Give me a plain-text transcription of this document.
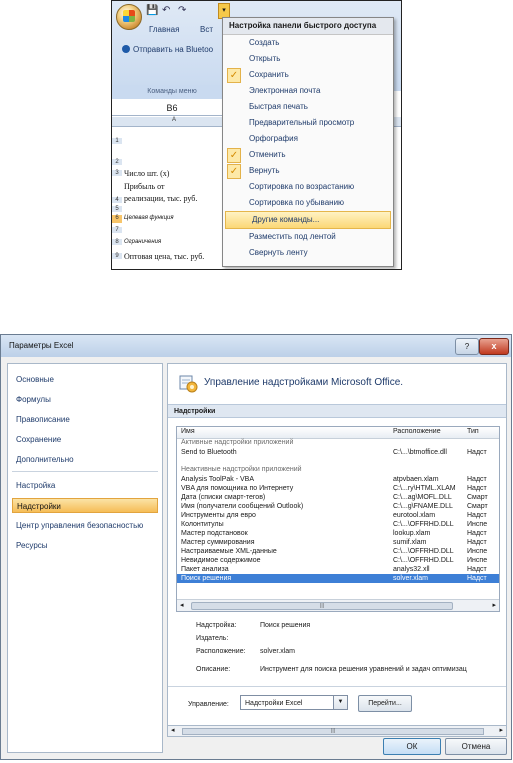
💾 ↶ ↷	▾
Главная	Вст
Отправить на Bluetoo
Команды меню
B6
A
1
2
3 Число шт. (x)
Прибыль от
4 реализации, тыс. руб.
5
6 Целевая функция
7
8 Ограничения
9 Оптовая цена, тыс. руб.
Настройка панели быстрого доступа
Создать
Открыть
✓	Сохранить
Электронная почта
Быстрая печать
Предварительный просмотр
Орфография
✓	Отменить
✓	Вернуть
Сортировка по возрастанию
Сортировка по убыванию
Другие команды...
Разместить под лентой
Свернуть ленту
Параметры Excel	?	x
Основные
Формулы
Правописание
Сохранение
Дополнительно
Настройка
Надстройки
Центр управления безопасностью
Ресурсы
Управление надстройками Microsoft Office.
Надстройки
Имя	Расположение	Тип
Активные надстройки приложений
Send to Bluetooth	C:\...\btmoffice.dll	Надст
Неактивные надстройки приложений
Analysis ToolPak - VBA	atpvbaen.xlam	Надст
VBA для помощника по Интернету	C:\...ry\HTML.XLAM	Надст
Дата (списки смарт-тегов)	C:\...ag\MOFL.DLL	Смарт
Имя (получатели сообщений Outlook)	C:\...g\FNAME.DLL	Смарт
Инструменты для евро	eurotool.xlam	Надст
Колонтитулы	C:\...\OFFRHD.DLL	Инспе
Мастер подстановок	lookup.xlam	Надст
Мастер суммирования	sumif.xlam	Надст
Настраиваемые XML-данные	C:\...\OFFRHD.DLL	Инспе
Невидимое содержимое	C:\...\OFFRHD.DLL	Инспе
Пакет анализа	analys32.xll	Надст
Поиск решения	solver.xlam	Надст
◂	|||	▸
Надстройка:	Поиск решения
Издатель:
Расположение: solver.xlam
Описание:	Инструмент для поиска решения уравнений и задач оптимизац
Управление:	Надстройки Excel	▼	Перейти...
◂	|||	▸
ОК	Отмена
